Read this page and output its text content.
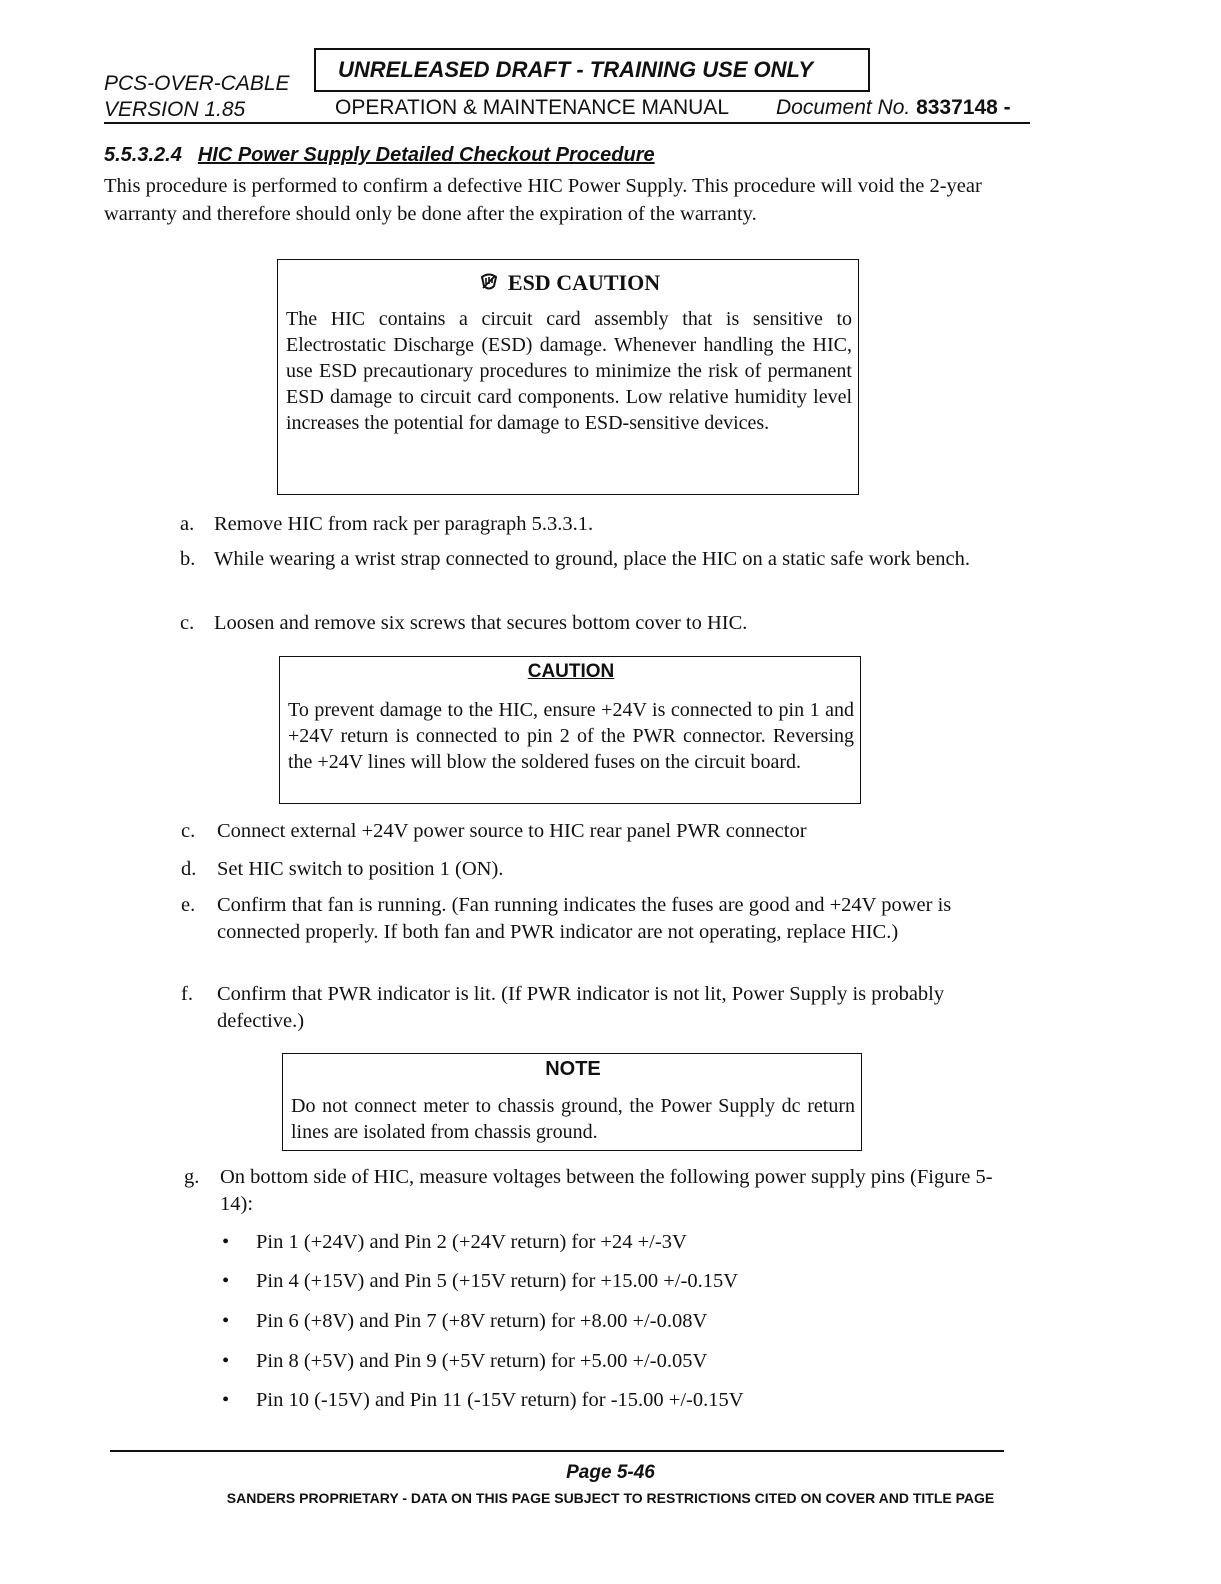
PCS-OVER-CABLE
VERSION 1.85
UNRELEASED DRAFT - TRAINING USE ONLY
OPERATION & MAINTENANCE MANUAL Document No. 8337148 -
5.5.3.2.4 HIC Power Supply Detailed Checkout Procedure
This procedure is performed to confirm a defective HIC Power Supply. This procedure will void the 2-year warranty and therefore should only be done after the expiration of the warranty.
ESD CAUTION
The HIC contains a circuit card assembly that is sensitive to Electrostatic Discharge (ESD) damage. Whenever handling the HIC, use ESD precautionary procedures to minimize the risk of permanent ESD damage to circuit card components. Low relative humidity level increases the potential for damage to ESD-sensitive devices.
a. Remove HIC from rack per paragraph 5.3.3.1.
b. While wearing a wrist strap connected to ground, place the HIC on a static safe work bench.
c. Loosen and remove six screws that secures bottom cover to HIC.
CAUTION
To prevent damage to the HIC, ensure +24V is connected to pin 1 and +24V return is connected to pin 2 of the PWR connector. Reversing the +24V lines will blow the soldered fuses on the circuit board.
c. Connect external +24V power source to HIC rear panel PWR connector
d. Set HIC switch to position 1 (ON).
e. Confirm that fan is running. (Fan running indicates the fuses are good and +24V power is connected properly. If both fan and PWR indicator are not operating, replace HIC.)
f. Confirm that PWR indicator is lit. (If PWR indicator is not lit, Power Supply is probably defective.)
NOTE
Do not connect meter to chassis ground, the Power Supply dc return lines are isolated from chassis ground.
g. On bottom side of HIC, measure voltages between the following power supply pins (Figure 5-14):
• Pin 1 (+24V) and Pin 2 (+24V return) for +24 +/-3V
• Pin 4 (+15V) and Pin 5 (+15V return) for +15.00 +/-0.15V
• Pin 6 (+8V) and Pin 7 (+8V return) for +8.00 +/-0.08V
• Pin 8 (+5V) and Pin 9 (+5V return) for +5.00 +/-0.05V
• Pin 10 (-15V) and Pin 11 (-15V return) for -15.00 +/-0.15V
Page 5-46
SANDERS PROPRIETARY - DATA ON THIS PAGE SUBJECT TO RESTRICTIONS CITED ON COVER AND TITLE PAGE
